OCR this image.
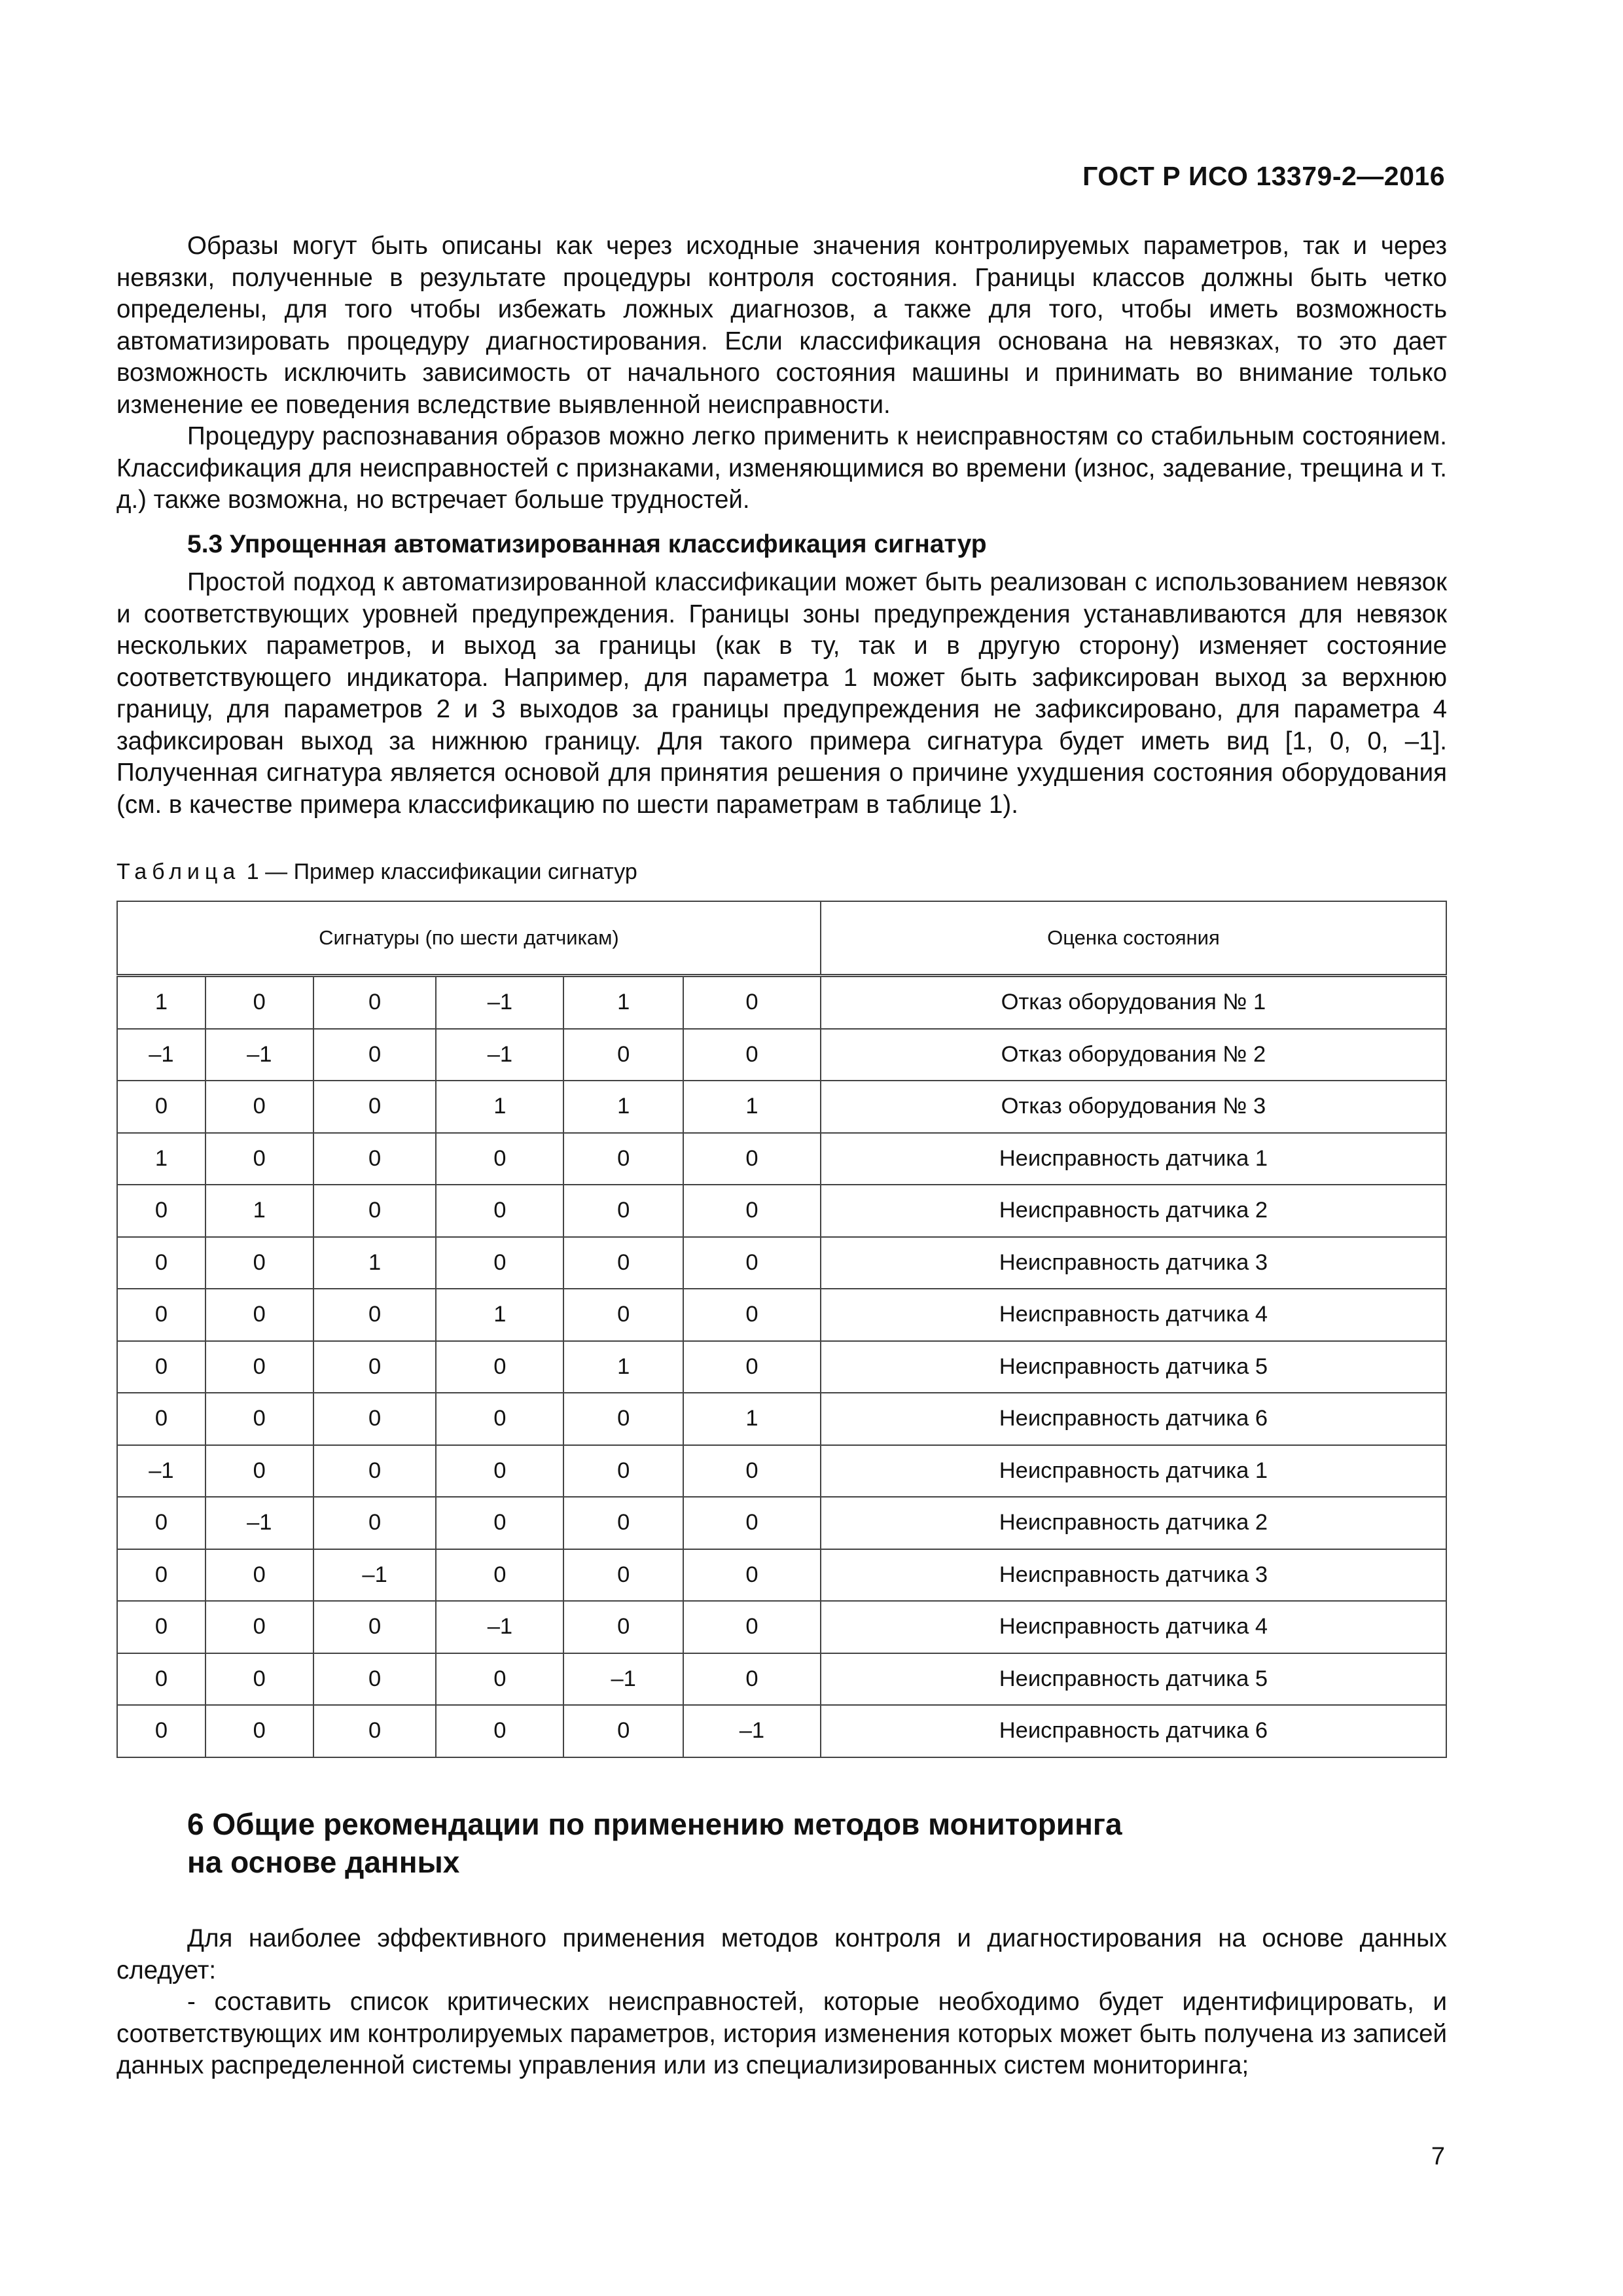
ГОСТ Р ИСО 13379-2—2016

Образы могут быть описаны как через исходные значения контролируемых параметров, так и через невязки, полученные в результате процедуры контроля состояния. Границы классов должны быть четко определены, для того чтобы избежать ложных диагнозов, а также для того, чтобы иметь возможность автоматизировать процедуру диагностирования. Если классификация основана на невязках, то это дает возможность исключить зависимость от начального состояния машины и принимать во внимание только изменение ее поведения вследствие выявленной неисправности.

Процедуру распознавания образов можно легко применить к неисправностям со стабильным состоянием. Классификация для неисправностей с признаками, изменяющимися во времени (износ, задевание, трещина и т. д.) также возможна, но встречает больше трудностей.

5.3 Упрощенная автоматизированная классификация сигнатур

Простой подход к автоматизированной классификации может быть реализован с использованием невязок и соответствующих уровней предупреждения. Границы зоны предупреждения устанавливаются для невязок нескольких параметров, и выход за границы (как в ту, так и в другую сторону) изменяет состояние соответствующего индикатора. Например, для параметра 1 может быть зафиксирован выход за верхнюю границу, для параметров 2 и 3 выходов за границы предупреждения не зафиксировано, для параметра 4 зафиксирован выход за нижнюю границу. Для такого примера сигнатура будет иметь вид [1, 0, 0, –1]. Полученная сигнатура является основой для принятия решения о причине ухудшения состояния оборудования (см. в качестве примера классификацию по шести параметрам в таблице 1).

Таблица 1 — Пример классификации сигнатур
Сигнатуры (по шести датчикам)						Оценка состояния
1	0	0	–1	1	0	Отказ оборудования № 1
–1	–1	0	–1	0	0	Отказ оборудования № 2
0	0	0	1	1	1	Отказ оборудования № 3
1	0	0	0	0	0	Неисправность датчика 1
0	1	0	0	0	0	Неисправность датчика 2
0	0	1	0	0	0	Неисправность датчика 3
0	0	0	1	0	0	Неисправность датчика 4
0	0	0	0	1	0	Неисправность датчика 5
0	0	0	0	0	1	Неисправность датчика 6
–1	0	0	0	0	0	Неисправность датчика 1
0	–1	0	0	0	0	Неисправность датчика 2
0	0	–1	0	0	0	Неисправность датчика 3
0	0	0	–1	0	0	Неисправность датчика 4
0	0	0	0	–1	0	Неисправность датчика 5
0	0	0	0	0	–1	Неисправность датчика 6
6 Общие рекомендации по применению методов мониторинга
на основе данных

Для наиболее эффективного применения методов контроля и диагностирования на основе данных следует:

- составить список критических неисправностей, которые необходимо будет идентифицировать, и соответствующих им контролируемых параметров, история изменения которых может быть получена из записей данных распределенной системы управления или из специализированных систем мониторинга;

7
